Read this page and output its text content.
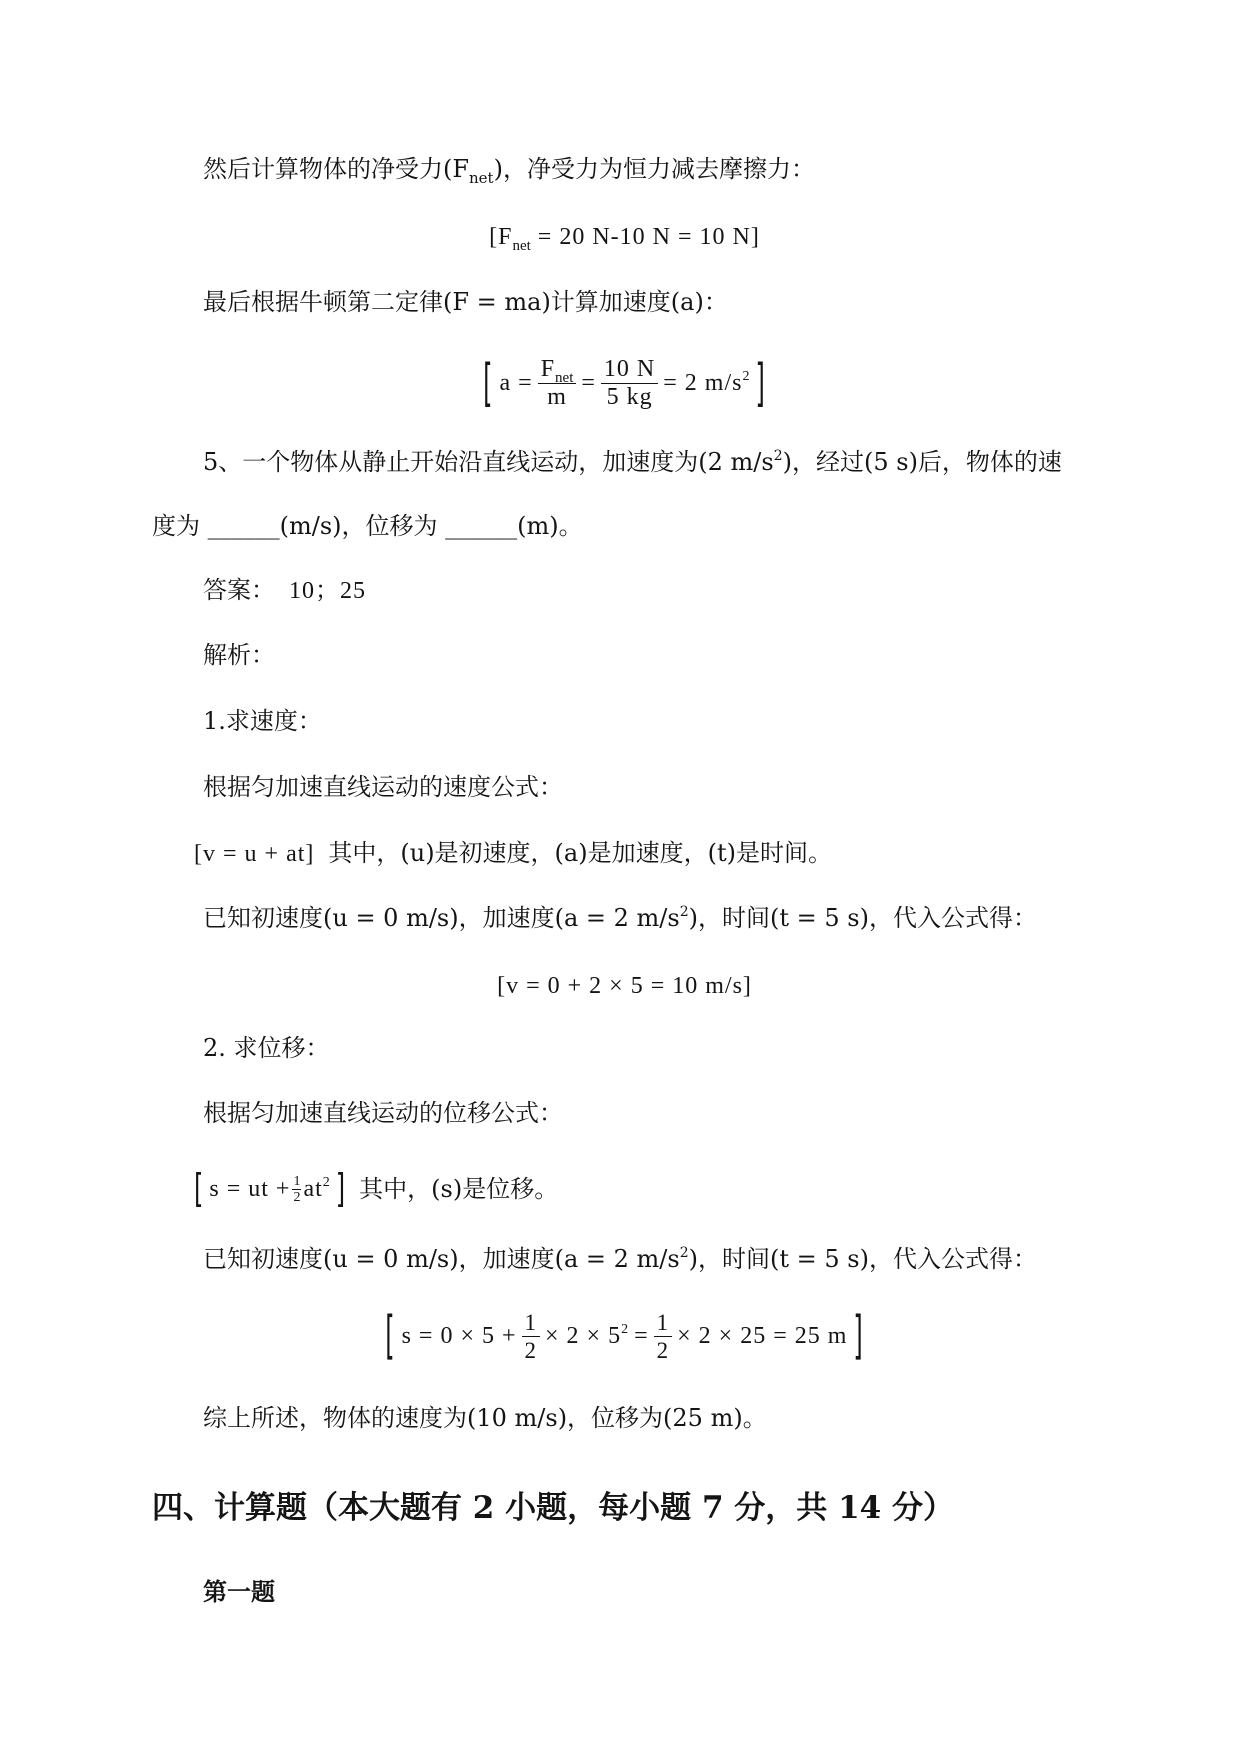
然后计算物体的净受力$(F_{net})$，净受力为恒力减去摩擦力：
[$F_{net} = 20$ N-10 N = 10 N]
最后根据牛顿第二定律(F = ma)计算加速度(a)：
[ $a = \frac{F_{net}}{m} = \frac{10 N}{5 kg} = 2$ $m/s^2$ ]
5、一个物体从静止开始沿直线运动，加速度为(2 $m/s^2$)，经过(5 s)后，物体的速
度为 ______(m/s)，位移为 ______(m)。
答案： 10；25
解析：
1.求速度：
根据匀加速直线运动的速度公式：
[v = u + at] 其中，(u)是初速度，(a)是加速度，(t)是时间。
已知初速度(u = 0 m/s)，加速度(a = 2 $m/s^2$)，时间(t = 5 s)，代入公式得：
[v = 0 + 2 × 5 = 10 m/s]
2. 求位移：
根据匀加速直线运动的位移公式：
[ s = ut + $\frac{1}{2} at^2$ ] 其中，(s)是位移。
已知初速度(u = 0 m/s)，加速度(a = 2 $m/s^2$)，时间(t = 5 s)，代入公式得：
[ $s = 0 \times 5 + \frac{1}{2} \times 2 \times 5^2 = \frac{1}{2} \times 2 \times 25 = 25$ m ]
综上所述，物体的速度为(10 m/s)，位移为(25 m)。
四、计算题（本大题有 2 小题，每小题 7 分，共 14 分）
第一题
